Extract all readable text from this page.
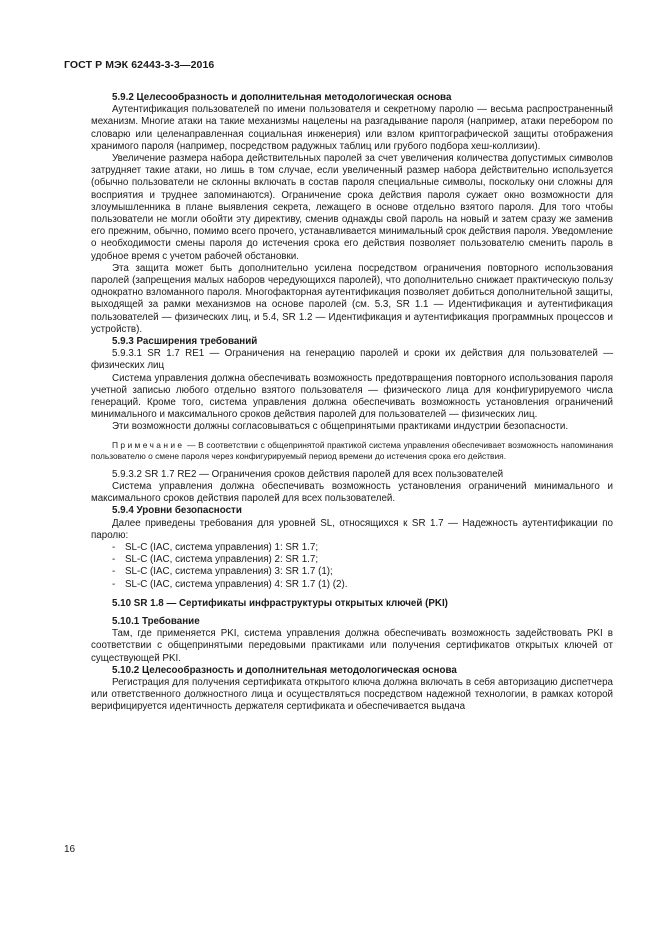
ГОСТ Р МЭК 62443-3-3—2016

5.9.2 Целесообразность и дополнительная методологическая основа

Аутентификация пользователей по имени пользователя и секретному паролю — весьма распространенный механизм. Многие атаки на такие механизмы нацелены на разгадывание пароля (например, атаки перебором по словарю или целенаправленная социальная инженерия) или взлом криптографической защиты отображения хранимого пароля (например, посредством радужных таблиц или грубого подбора хеш-коллизии).

Увеличение размера набора действительных паролей за счет увеличения количества допустимых символов затрудняет такие атаки, но лишь в том случае, если увеличенный размер набора действительно используется (обычно пользователи не склонны включать в состав пароля специальные символы, поскольку они сложны для восприятия и труднее запоминаются). Ограничение срока действия пароля сужает окно возможности для злоумышленника в плане выявления секрета, лежащего в основе отдельно взятого пароля. Для того чтобы пользователи не могли обойти эту директиву, сменив однажды свой пароль на новый и затем сразу же заменив его прежним, обычно, помимо всего прочего, устанавливается минимальный срок действия пароля. Уведомление о необходимости смены пароля до истечения срока его действия позволяет пользователю сменить пароль в удобное время с учетом рабочей обстановки.

Эта защита может быть дополнительно усилена посредством ограничения повторного использования паролей (запрещения малых наборов чередующихся паролей), что дополнительно снижает практическую пользу однократно взломанного пароля. Многофакторная аутентификация позволяет добиться дополнительной защиты, выходящей за рамки механизмов на основе паролей (см. 5.3, SR 1.1 — Идентификация и аутентификация пользователей — физических лиц, и 5.4, SR 1.2 — Идентификация и аутентификация программных процессов и устройств).

5.9.3 Расширения требований

5.9.3.1 SR 1.7 RE1 — Ограничения на генерацию паролей и сроки их действия для пользователей — физических лиц

Система управления должна обеспечивать возможность предотвращения повторного использования пароля учетной записью любого отдельно взятого пользователя — физического лица для конфигурируемого числа генераций. Кроме того, система управления должна обеспечивать возможность установления ограничений минимального и максимального сроков действия паролей для пользователей — физических лиц.

Эти возможности должны согласовываться с общепринятыми практиками индустрии безопасности.

Примечание — В соответствии с общепринятой практикой система управления обеспечивает возможность напоминания пользователю о смене пароля через конфигурируемый период времени до истечения срока его действия.

5.9.3.2 SR 1.7 RE2 — Ограничения сроков действия паролей для всех пользователей

Система управления должна обеспечивать возможность установления ограничений минимального и максимального сроков действия паролей для всех пользователей.

5.9.4 Уровни безопасности

Далее приведены требования для уровней SL, относящихся к SR 1.7 — Надежность аутентификации по паролю:

- SL-C (IAC, система управления) 1: SR 1.7;

- SL-C (IAC, система управления) 2: SR 1.7;

- SL-C (IAC, система управления) 3: SR 1.7 (1);

- SL-C (IAC, система управления) 4: SR 1.7 (1) (2).

5.10 SR 1.8 — Сертификаты инфраструктуры открытых ключей (PKI)

5.10.1 Требование

Там, где применяется PKI, система управления должна обеспечивать возможность задействовать PKI в соответствии с общепринятыми передовыми практиками или получения сертификатов открытых ключей от существующей PKI.

5.10.2 Целесообразность и дополнительная методологическая основа

Регистрация для получения сертификата открытого ключа должна включать в себя авторизацию диспетчера или ответственного должностного лица и осуществляться посредством надежной технологии, в рамках которой верифицируется идентичность держателя сертификата и обеспечивается выдача

16
